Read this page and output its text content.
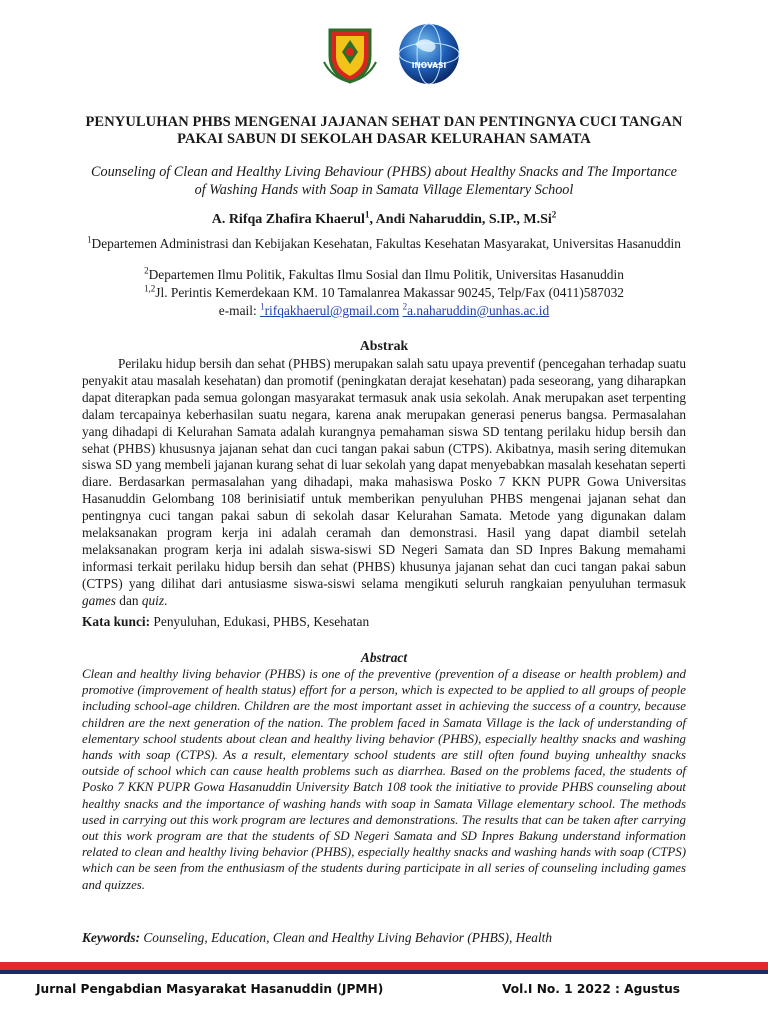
INOVASI
PENYULUHAN PHBS MENGENAI JAJANAN SEHAT DAN PENTINGNYA CUCI TANGAN PAKAI SABUN DI SEKOLAH DASAR KELURAHAN SAMATA
Counseling of Clean and Healthy Living Behaviour (PHBS) about Healthy Snacks and The Importance of Washing Hands with Soap in Samata Village Elementary School
A. Rifqa Zhafira Khaerul$^1$, Andi Naharuddin, S.IP., M.Si$^2$
$^1$Departemen Administrasi dan Kebijakan Kesehatan, Fakultas Kesehatan Masyarakat, Universitas Hasanuddin
$^2$Departemen Ilmu Politik, Fakultas Ilmu Sosial dan Ilmu Politik, Universitas Hasanuddin
$^{1,2}$Jl. Perintis Kemerdekaan KM. 10 Tamalanrea Makassar 90245, Telp/Fax (0411)587032
e-mail: $^1$rifqakhaerul@gmail.com $^2$a.naharuddin@unhas.ac.id
Abstrak
Perilaku hidup bersih dan sehat (PHBS) merupakan salah satu upaya preventif (pencegahan terhadap suatu penyakit atau masalah kesehatan) dan promotif (peningkatan derajat kesehatan) pada seseorang, yang diharapkan dapat diterapkan pada semua golongan masyarakat termasuk anak usia sekolah. Anak merupakan aset terpenting dalam tercapainya keberhasilan suatu negara, karena anak merupakan generasi penerus bangsa. Permasalahan yang dihadapi di Kelurahan Samata adalah kurangnya pemahaman siswa SD tentang perilaku hidup bersih dan sehat (PHBS) khususnya jajanan sehat dan cuci tangan pakai sabun (CTPS). Akibatnya, masih sering ditemukan siswa SD yang membeli jajanan kurang sehat di luar sekolah yang dapat menyebabkan masalah kesehatan seperti diare. Berdasarkan permasalahan yang dihadapi, maka mahasiswa Posko 7 KKN PUPR Gowa Universitas Hasanuddin Gelombang 108 berinisiatif untuk memberikan penyuluhan PHBS mengenai jajanan sehat dan pentingnya cuci tangan pakai sabun di sekolah dasar Kelurahan Samata. Metode yang digunakan dalam melaksanakan program kerja ini adalah ceramah dan demonstrasi. Hasil yang dapat diambil setelah melaksanakan program kerja ini adalah siswa-siswi SD Negeri Samata dan SD Inpres Bakung memahami informasi terkait perilaku hidup bersih dan sehat (PHBS) khusunya jajanan sehat dan cuci tangan pakai sabun (CTPS) yang dilihat dari antusiasme siswa-siswi selama mengikuti seluruh rangkaian penyuluhan termasuk games dan quiz.
Kata kunci: Penyuluhan, Edukasi, PHBS, Kesehatan
Abstract
Clean and healthy living behavior (PHBS) is one of the preventive (prevention of a disease or health problem) and promotive (improvement of health status) effort for a person, which is expected to be applied to all groups of people including school-age children. Children are the most important asset in achieving the success of a country, because children are the next generation of the nation. The problem faced in Samata Village is the lack of understanding of elementary school students about clean and healthy living behavior (PHBS), especially healthy snacks and washing hands with soap (CTPS). As a result, elementary school students are still often found buying unhealthy snacks outside of school which can cause health problems such as diarrhea. Based on the problems faced, the students of Posko 7 KKN PUPR Gowa Hasanuddin University Batch 108 took the initiative to provide PHBS counseling about healthy snacks and the importance of washing hands with soap in Samata Village elementary school. The methods used in carrying out this work program are lectures and demonstrations. The results that can be taken after carrying out this work program are that the students of SD Negeri Samata and SD Inpres Bakung understand information related to clean and healthy living behavior (PHBS), especially healthy snacks and washing hands with soap (CTPS) which can be seen from the enthusiasm of the students during participate in all series of counseling including games and quizzes.
Keywords: Counseling, Education, Clean and Healthy Living Behavior (PHBS), Health
Jurnal Pengabdian Masyarakat Hasanuddin (JPMH)	Vol.I No. 1 2022 : Agustus
